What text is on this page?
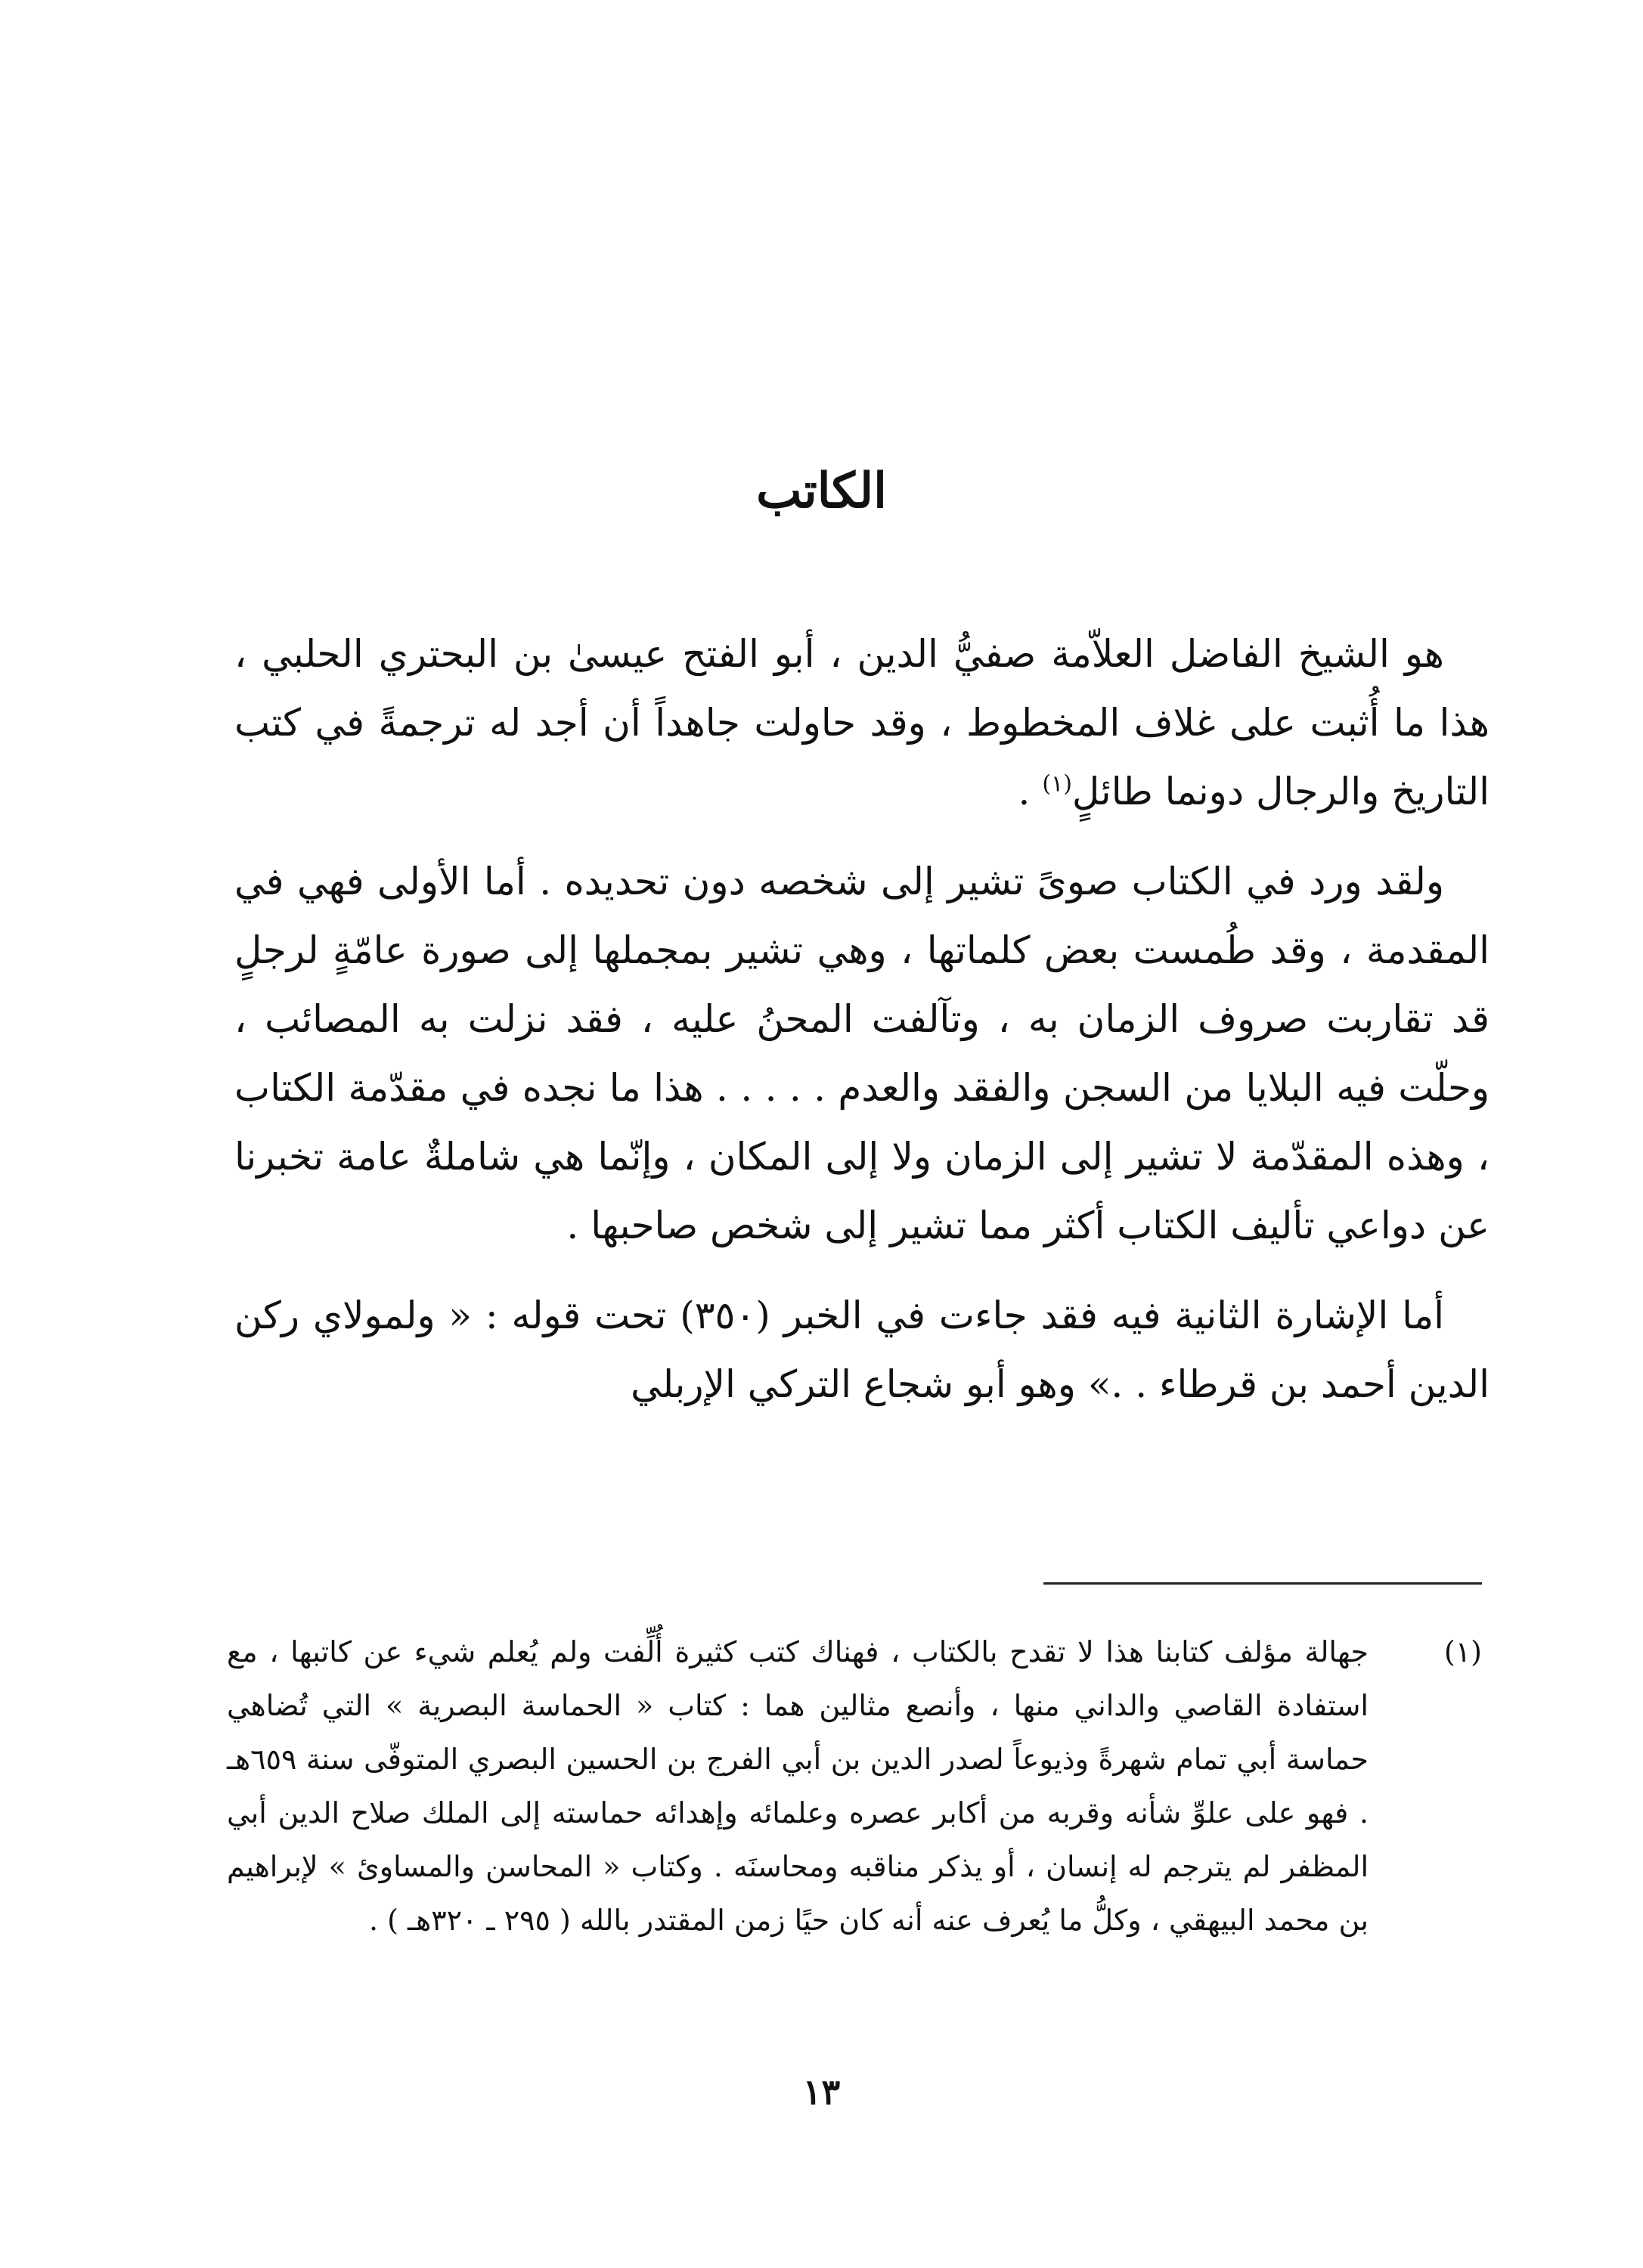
الكاتب

هو الشيخ الفاضل العلاّمة صفيُّ الدين ، أبو الفتح عيسىٰ بن البحتري الحلبي ، هذا ما أُثبت على غلاف المخطوط ، وقد حاولت جاهداً أن أجد له ترجمةً في كتب التاريخ والرجال دونما طائلٍ$^{(١)}$ .

ولقد ورد في الكتاب صوىً تشير إلى شخصه دون تحديده . أما الأولى فهي في المقدمة ، وقد طُمست بعض كلماتها ، وهي تشير بمجملها إلى صورة عامّةٍ لرجلٍ قد تقاربت صروف الزمان به ، وتآلفت المحنُ عليه ، فقد نزلت به المصائب ، وحلّت فيه البلايا من السجن والفقد والعدم . . . . . هذا ما نجده في مقدّمة الكتاب ، وهذه المقدّمة لا تشير إلى الزمان ولا إلى المكان ، وإنّما هي شاملةٌ عامة تخبرنا عن دواعي تأليف الكتاب أكثر مما تشير إلى شخص صاحبها .

أما الإشارة الثانية فيه فقد جاءت في الخبر (٣٥٠) تحت قوله : « ولمولاي ركن الدين أحمد بن قرطاء . .» وهو أبو شجاع التركي الإربلي

(١)
جهالة مؤلف كتابنا هذا لا تقدح بالكتاب ، فهناك كتب كثيرة أُلِّفت ولم يُعلم شيء عن كاتبها ، مع استفادة القاصي والداني منها ، وأنصع مثالين هما : كتاب « الحماسة البصرية » التي تُضاهي حماسة أبي تمام شهرةً وذيوعاً لصدر الدين بن أبي الفرج بن الحسين البصري المتوفّى سنة ٦٥٩هـ . فهو على علوِّ شأنه وقربه من أكابر عصره وعلمائه وإهدائه حماسته إلى الملك صلاح الدين أبي المظفر لم يترجم له إنسان ، أو يذكر مناقبه ومحاسنَه . وكتاب « المحاسن والمساوئ » لإبراهيم بن محمد البيهقي ، وكلُّ ما يُعرف عنه أنه كان حيًا زمن المقتدر بالله ( ٢٩٥ ـ ٣٢٠هـ ) .
١٣
